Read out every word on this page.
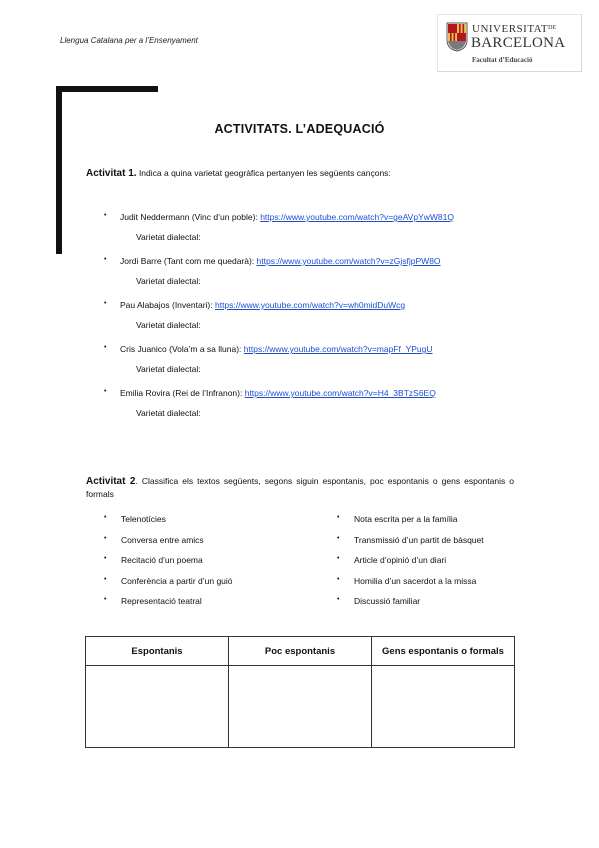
Llengua Catalana per a l’Ensenyament
$UNIVERSITAT^{DE}$
BARCELONA
Facultat d’Educació
ACTIVITATS. L’ADEQUACIÓ
Activitat 1. Indica a quina varietat geogràfica pertanyen les següents cançons:
• Judit Neddermann (Vinc d’un poble): https://www.youtube.com/watch?v=geAVpYwW81Q
Varietat dialectal:
• Jordi Barre (Tant com me quedarà): https://www.youtube.com/watch?v=zGjsfjpPW8O
Varietat dialectal:
• Pau Alabajos (Inventari): https://www.youtube.com/watch?v=wh0midDuWcg
Varietat dialectal:
• Cris Juanico (Vola’m a sa lluna): https://www.youtube.com/watch?v=mapFf_YPugU
Varietat dialectal:
• Emilia Rovira (Rei de l’Infranon): https://www.youtube.com/watch?v=H4_3BTzS6EQ
Varietat dialectal:
Activitat 2. Classifica els textos següents, segons siguin espontanis, poc espontanis o gens espontanis o formals
• Telenotícies
• Conversa entre amics
• Recitació d’un poema
• Conferència a partir d’un guió
• Representació teatral
• Nota escrita per a la família
• Transmissió d’un partit de bàsquet
• Article d’opinió d’un diari
• Homilia d’un sacerdot a la missa
• Discussió familiar
Espontanis	Poc espontanis	Gens espontanis o formals
